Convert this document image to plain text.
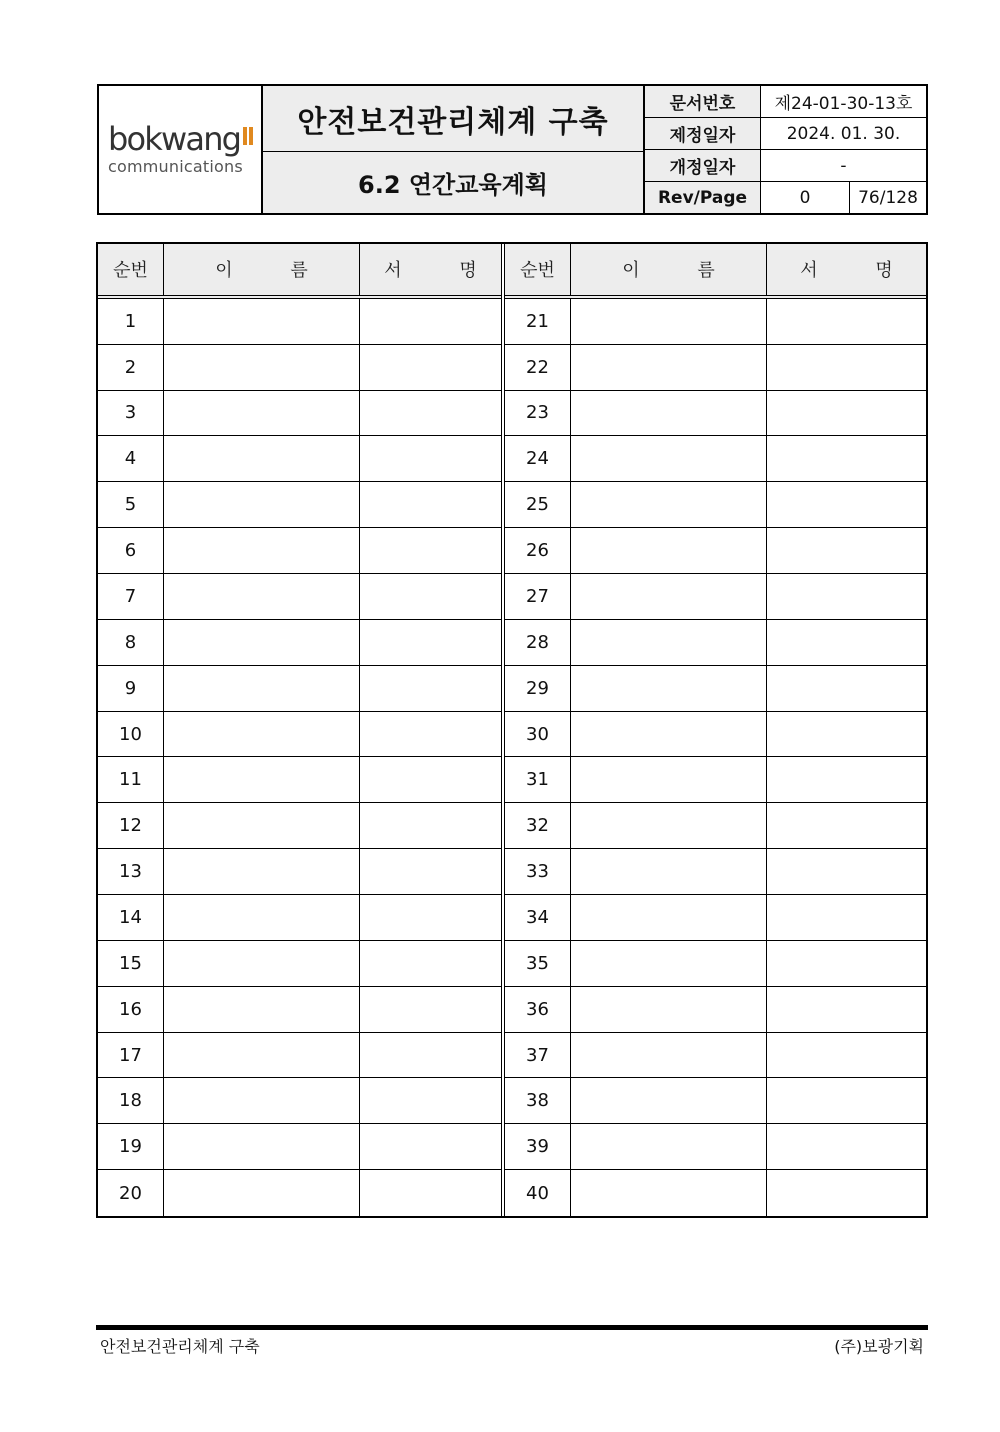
bokwang
communications
안전보건관리체계 구축
6.2 연간교육계획
문서번호	제24-01-30-13호
제정일자	2024. 01. 30.
개정일자	-
Rev/Page	0	76/128
순번	이 름	서 명
1
2
3
4
5
6
7
8
9
10
11
12
13
14
15
16
17
18
19
20
순번	이 름	서 명
21
22
23
24
25
26
27
28
29
30
31
32
33
34
35
36
37
38
39
40
안전보건관리체계 구축	(주)보광기획
